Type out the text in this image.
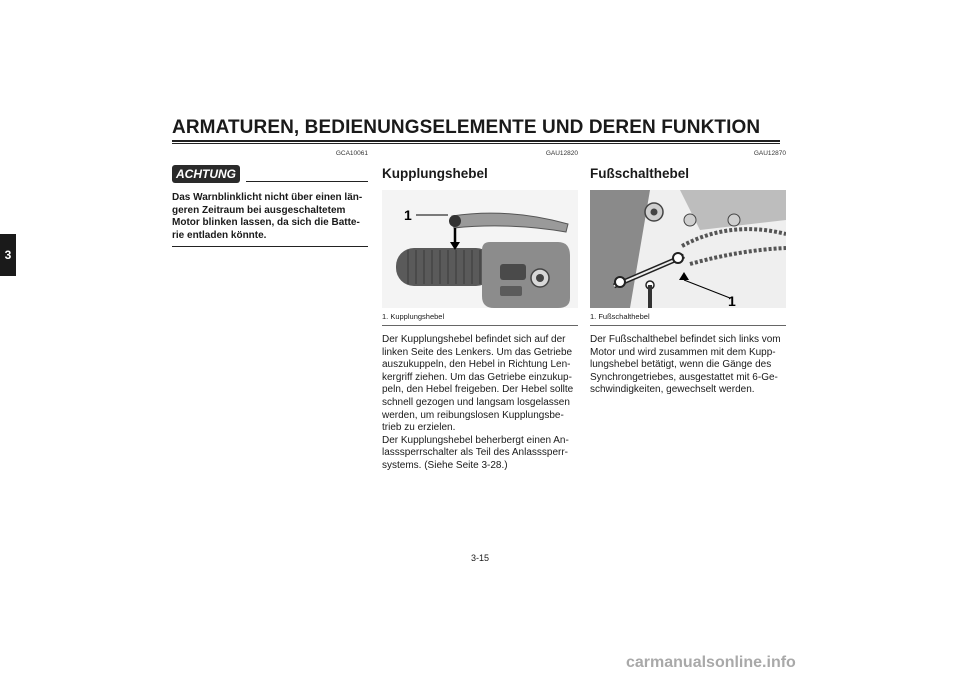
ARMATUREN, BEDIENUNGSELEMENTE UND DEREN FUNKTION
3
GCA10061
ACHTUNG

Das Warnblinklicht nicht über einen län-
geren Zeitraum bei ausgeschaltetem
Motor blinken lassen, da sich die Batte-
rie entladen könnte.

GAU12820
Kupplungshebel
1
1. Kupplungshebel

Der Kupplungshebel befindet sich auf der
linken Seite des Lenkers. Um das Getriebe
auszukuppeln, den Hebel in Richtung Len-
kergriff ziehen. Um das Getriebe einzukup-
peln, den Hebel freigeben. Der Hebel sollte
schnell gezogen und langsam losgelassen
werden, um reibungslosen Kupplungsbe-
trieb zu erzielen.
Der Kupplungshebel beherbergt einen An-
lasssperrschalter als Teil des Anlasssperr-
systems. (Siehe Seite 3-28.)

GAU12870
Fußschalthebel
1
1. Fußschalthebel

Der Fußschalthebel befindet sich links vom
Motor und wird zusammen mit dem Kupp-
lungshebel betätigt, wenn die Gänge des
Synchrongetriebes, ausgestattet mit 6-Ge-
schwindigkeiten, gewechselt werden.

3-15
carmanualsonline.info
